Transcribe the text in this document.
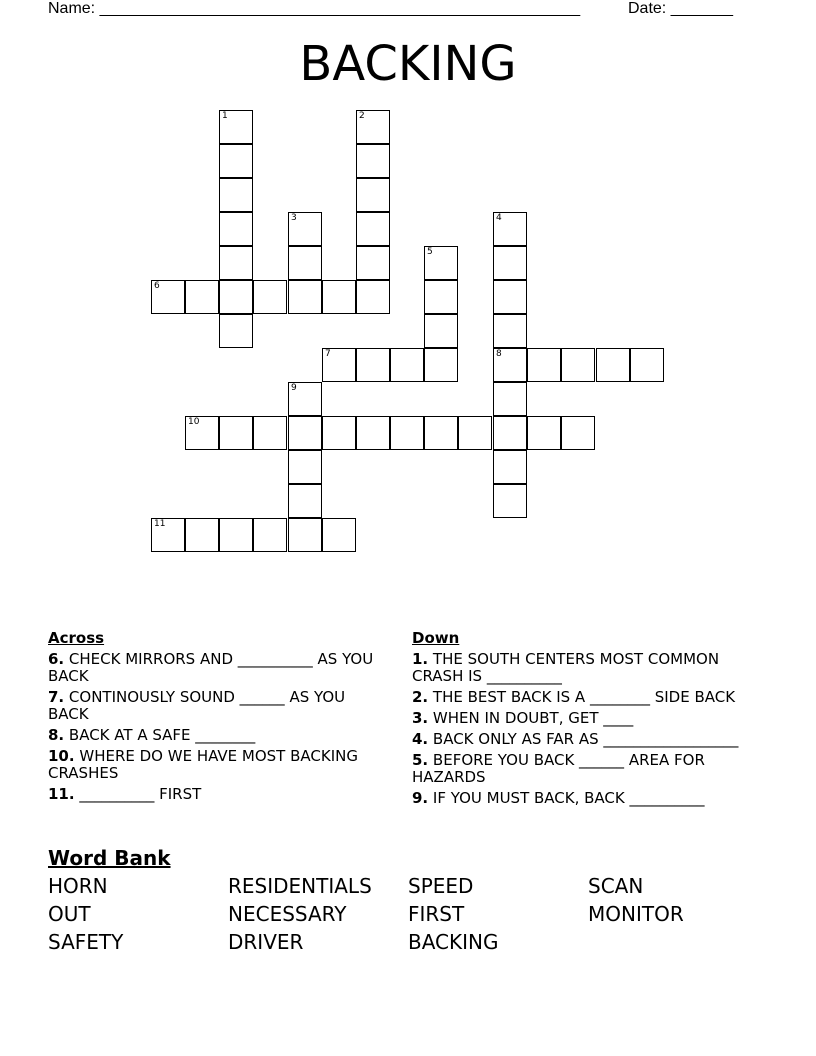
Name: ______________________________________________________	Date: _______
BACKING
1	2
3	4
8
5
6
7
9
10
11
Across
6. CHECK MIRRORS AND __________ AS YOU BACK
7. CONTINOUSLY SOUND ______ AS YOU BACK
8. BACK AT A SAFE ________
10. WHERE DO WE HAVE MOST BACKING CRASHES
11. __________ FIRST
Down
1. THE SOUTH CENTERS MOST COMMON CRASH IS __________
2. THE BEST BACK IS A ________ SIDE BACK
3. WHEN IN DOUBT, GET ____
4. BACK ONLY AS FAR AS __________________
5. BEFORE YOU BACK ______ AREA FOR HAZARDS
9. IF YOU MUST BACK, BACK __________
Word Bank
HORN	RESIDENTIALS	SPEED	SCAN
OUT	NECESSARY	FIRST	MONITOR
SAFETY	DRIVER	BACKING
